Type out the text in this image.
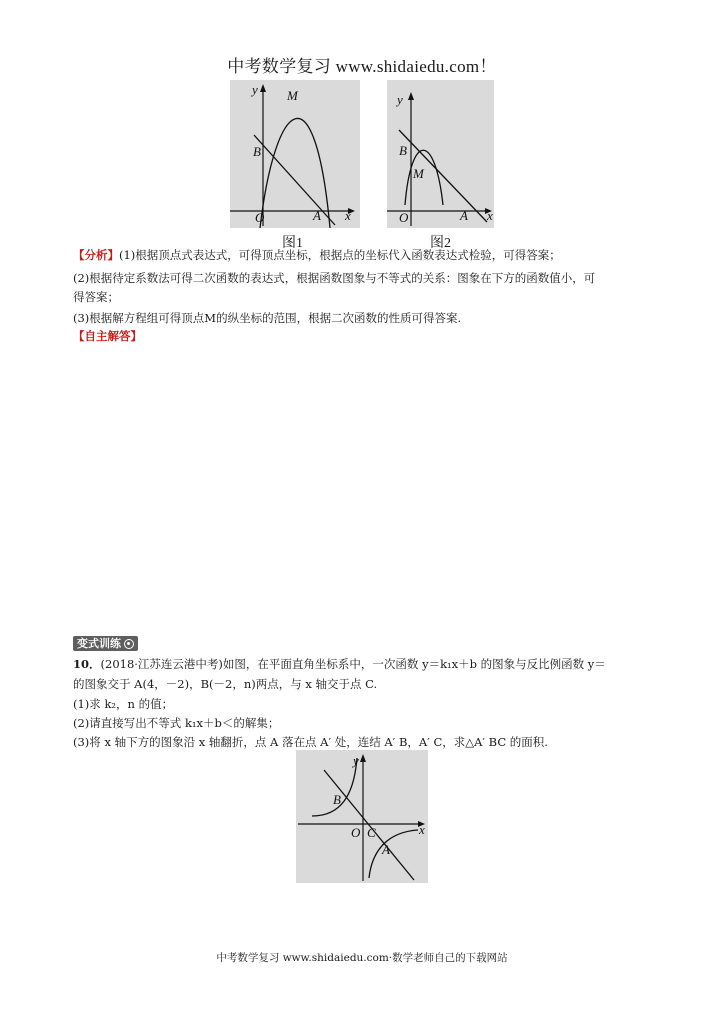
中考数学复习 www.shidaiedu.com！
y M
B
O	A x
图1
y
B
M
O	A x
图2
【分析】(1)根据顶点式表达式，可得顶点坐标，根据点的坐标代入函数表达式检验，可得答案；
(2)根据待定系数法可得二次函数的表达式，根据函数图象与不等式的关系：图象在下方的函数值小，可
得答案；
(3)根据解方程组可得顶点M的纵坐标的范围，根据二次函数的性质可得答案.
【自主解答】
变式训练
10．(2018·江苏连云港中考)如图，在平面直角坐标系中，一次函数 y＝k₁x＋b 的图象与反比例函数 y＝
的图象交于 A(4，－2)，B(－2，n)两点，与 x 轴交于点 C.
(1)求 k₂，n 的值；
(2)请直接写出不等式 k₁x＋b＜的解集；
(3)将 x 轴下方的图象沿 x 轴翻折，点 A 落在点 A′ 处，连结 A′ B，A′ C，求△A′ BC 的面积.
y
B
O C
A
x
中考数学复习 www.shidaiedu.com·数学老师自己的下载网站
